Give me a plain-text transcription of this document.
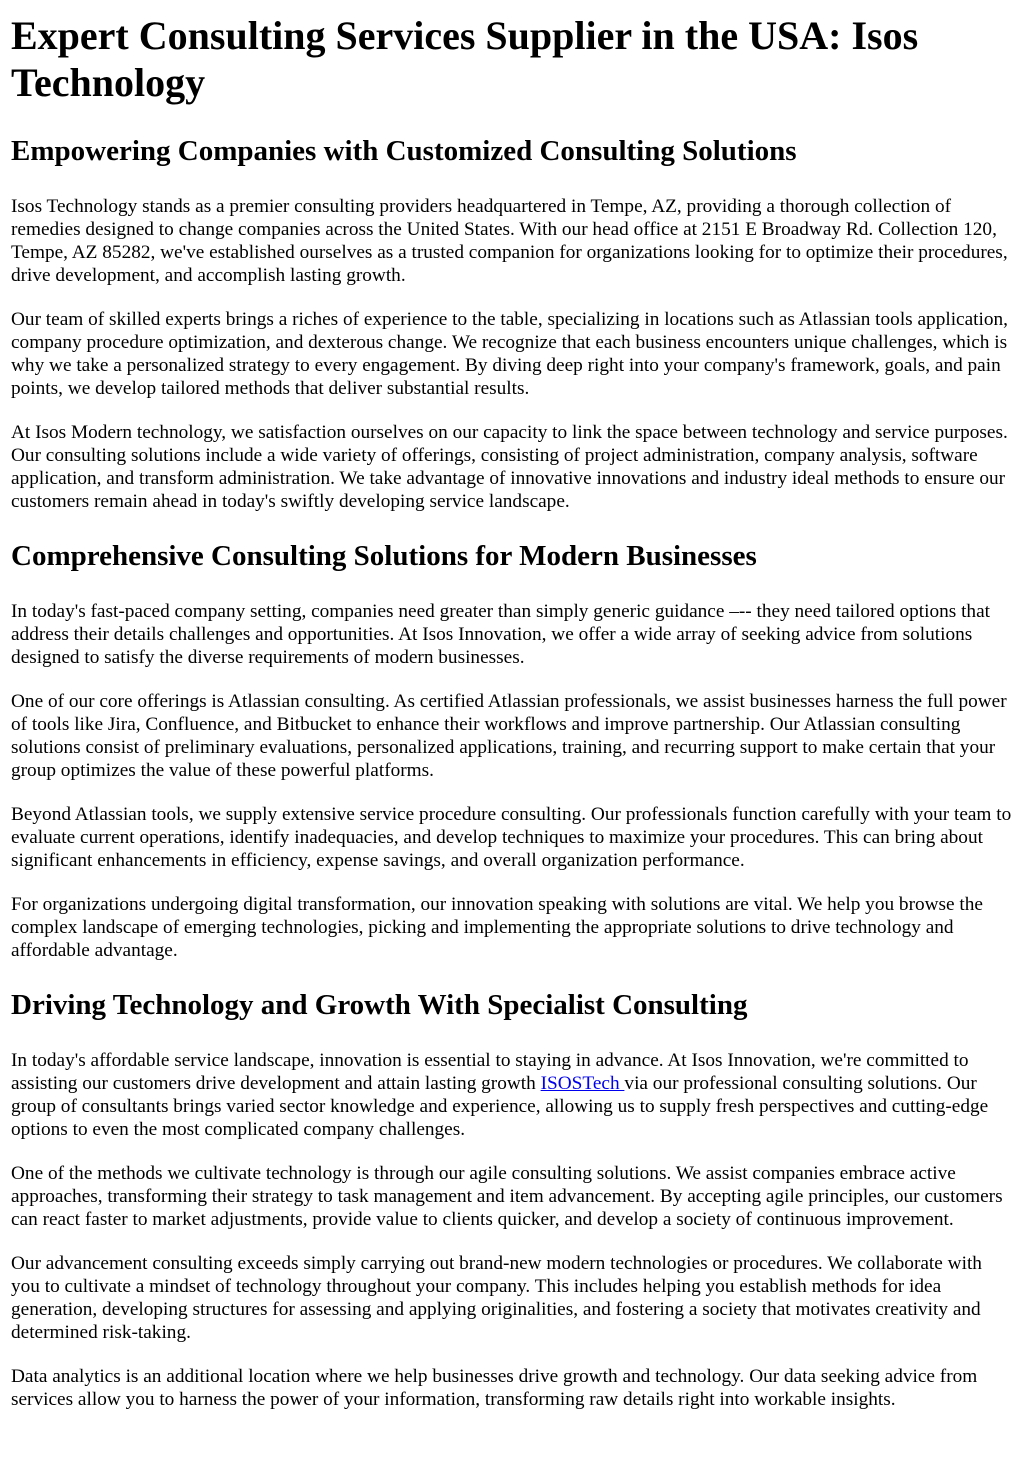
Expert Consulting Services Supplier in the USA: Isos Technology
Empowering Companies with Customized Consulting Solutions

Isos Technology stands as a premier consulting providers headquartered in Tempe, AZ, providing a thorough collection of remedies designed to change companies across the United States. With our head office at 2151 E Broadway Rd. Collection 120, Tempe, AZ 85282, we've established ourselves as a trusted companion for organizations looking for to optimize their procedures, drive development, and accomplish lasting growth.

Our team of skilled experts brings a riches of experience to the table, specializing in locations such as Atlassian tools application, company procedure optimization, and dexterous change. We recognize that each business encounters unique challenges, which is why we take a personalized strategy to every engagement. By diving deep right into your company's framework, goals, and pain points, we develop tailored methods that deliver substantial results.

At Isos Modern technology, we satisfaction ourselves on our capacity to link the space between technology and service purposes. Our consulting solutions include a wide variety of offerings, consisting of project administration, company analysis, software application, and transform administration. We take advantage of innovative innovations and industry ideal methods to ensure our customers remain ahead in today's swiftly developing service landscape.

Comprehensive Consulting Solutions for Modern Businesses

In today's fast-paced company setting, companies need greater than simply generic guidance –-- they need tailored options that address their details challenges and opportunities. At Isos Innovation, we offer a wide array of seeking advice from solutions designed to satisfy the diverse requirements of modern businesses.

One of our core offerings is Atlassian consulting. As certified Atlassian professionals, we assist businesses harness the full power of tools like Jira, Confluence, and Bitbucket to enhance their workflows and improve partnership. Our Atlassian consulting solutions consist of preliminary evaluations, personalized applications, training, and recurring support to make certain that your group optimizes the value of these powerful platforms.

Beyond Atlassian tools, we supply extensive service procedure consulting. Our professionals function carefully with your team to evaluate current operations, identify inadequacies, and develop techniques to maximize your procedures. This can bring about significant enhancements in efficiency, expense savings, and overall organization performance.

For organizations undergoing digital transformation, our innovation speaking with solutions are vital. We help you browse the complex landscape of emerging technologies, picking and implementing the appropriate solutions to drive technology and affordable advantage.

Driving Technology and Growth With Specialist Consulting

In today's affordable service landscape, innovation is essential to staying in advance. At Isos Innovation, we're committed to assisting our customers drive development and attain lasting growth ISOSTech via our professional consulting solutions. Our group of consultants brings varied sector knowledge and experience, allowing us to supply fresh perspectives and cutting-edge options to even the most complicated company challenges.

One of the methods we cultivate technology is through our agile consulting solutions. We assist companies embrace active approaches, transforming their strategy to task management and item advancement. By accepting agile principles, our customers can react faster to market adjustments, provide value to clients quicker, and develop a society of continuous improvement.

Our advancement consulting exceeds simply carrying out brand-new modern technologies or procedures. We collaborate with you to cultivate a mindset of technology throughout your company. This includes helping you establish methods for idea generation, developing structures for assessing and applying originalities, and fostering a society that motivates creativity and determined risk-taking.

Data analytics is an additional location where we help businesses drive growth and technology. Our data seeking advice from services allow you to harness the power of your information, transforming raw details right into workable insights.
